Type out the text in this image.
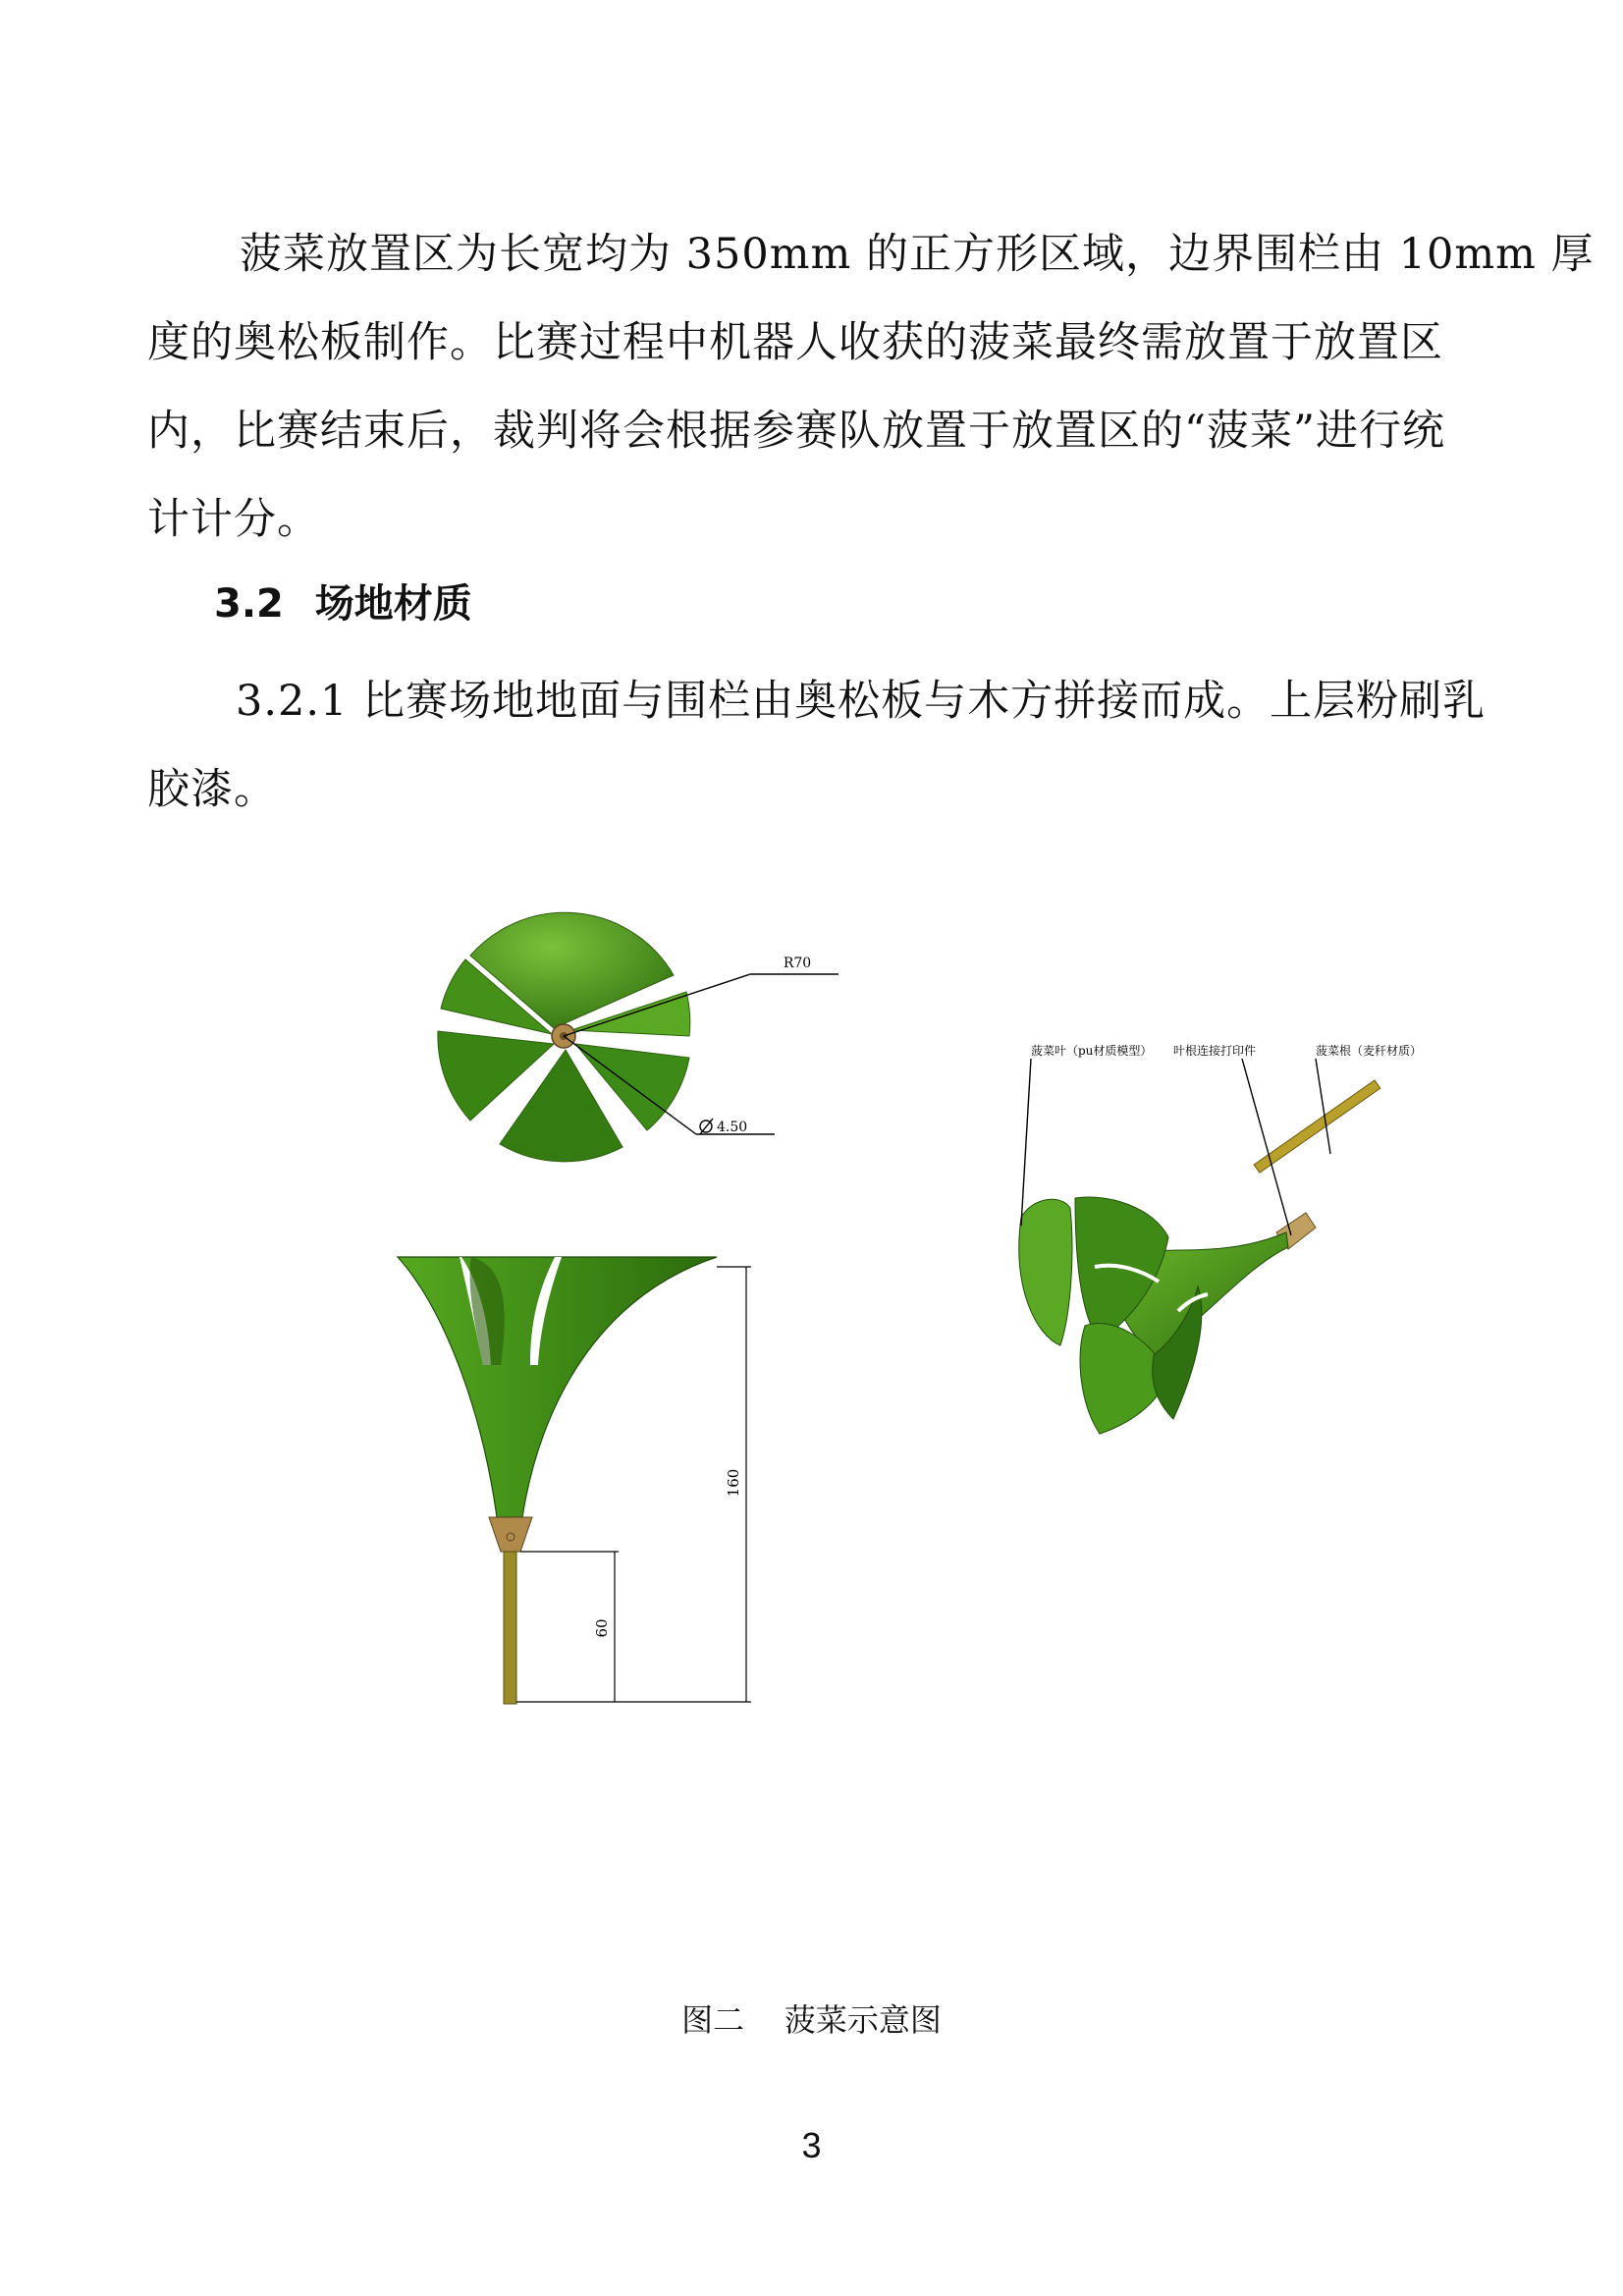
菠菜放置区为长宽均为 350mm 的正方形区域，边界围栏由 10mm 厚
度的奥松板制作。比赛过程中机器人收获的菠菜最终需放置于放置区
内，比赛结束后，裁判将会根据参赛队放置于放置区的“菠菜”进行统
计计分。
3.2 场地材质
3.2.1 比赛场地地面与围栏由奥松板与木方拼接而成。上层粉刷乳
胶漆。
R70
4.50
160
60
菠菜叶（pu材质模型） 叶根连接打印件	菠菜根（麦秆材质）
图二    菠菜示意图
3
